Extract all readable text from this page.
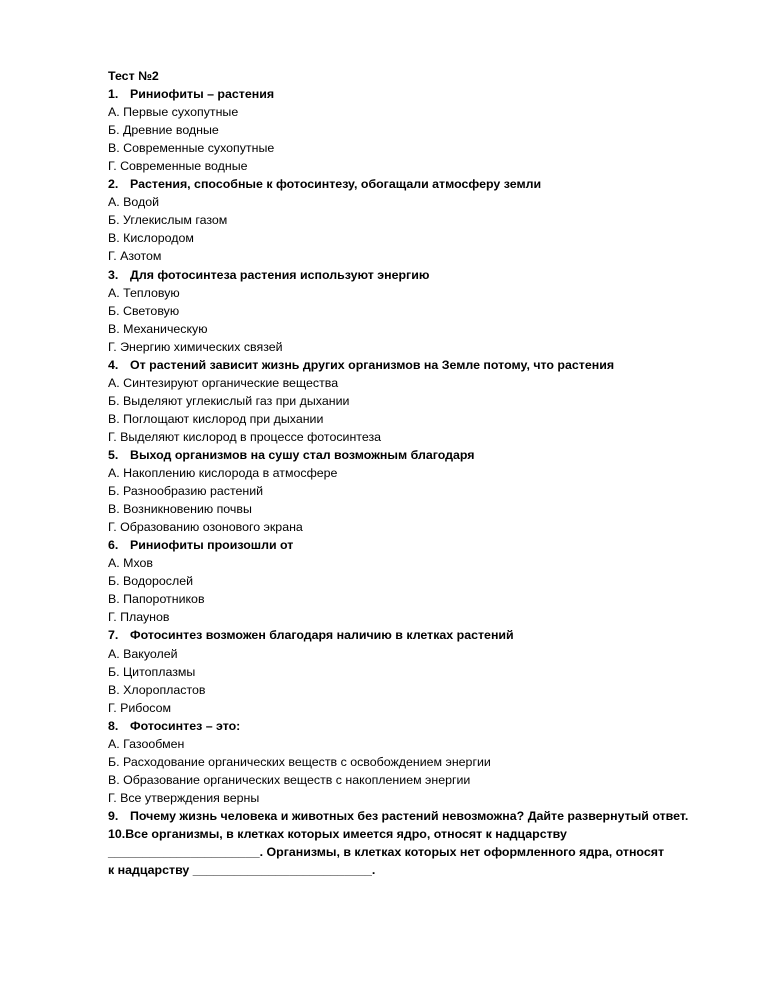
Тест №2
1. Риниофиты – растения
А. Первые сухопутные
Б. Древние водные
В. Современные сухопутные
Г. Современные водные
2. Растения, способные к фотосинтезу, обогащали атмосферу земли
А. Водой
Б. Углекислым газом
В. Кислородом
Г. Азотом
3. Для фотосинтеза растения используют энергию
А. Тепловую
Б. Световую
В. Механическую
Г. Энергию химических связей
4. От растений зависит жизнь других организмов на Земле потому, что растения
А. Синтезируют органические вещества
Б. Выделяют углекислый газ при дыхании
В. Поглощают кислород при дыхании
Г. Выделяют кислород в процессе фотосинтеза
5. Выход организмов на сушу стал возможным благодаря
А. Накоплению кислорода в атмосфере
Б. Разнообразию растений
В. Возникновению почвы
Г. Образованию озонового экрана
6. Риниофиты произошли от
А. Мхов
Б. Водорослей
В. Папоротников
Г. Плаунов
7. Фотосинтез возможен благодаря наличию в клетках растений
А. Вакуолей
Б. Цитоплазмы
В. Хлоропластов
Г. Рибосом
8. Фотосинтез – это:
А. Газообмен
Б. Расходование органических веществ с освобождением энергии
В. Образование органических веществ с накоплением энергии
Г. Все утверждения верны
9. Почему жизнь человека и животных без растений невозможна? Дайте развернутый ответ.
10.Все организмы, в клетках которых имеется ядро, относят к надцарству
______________________. Организмы, в клетках которых нет оформленного ядра, относят
к надцарству __________________________.
